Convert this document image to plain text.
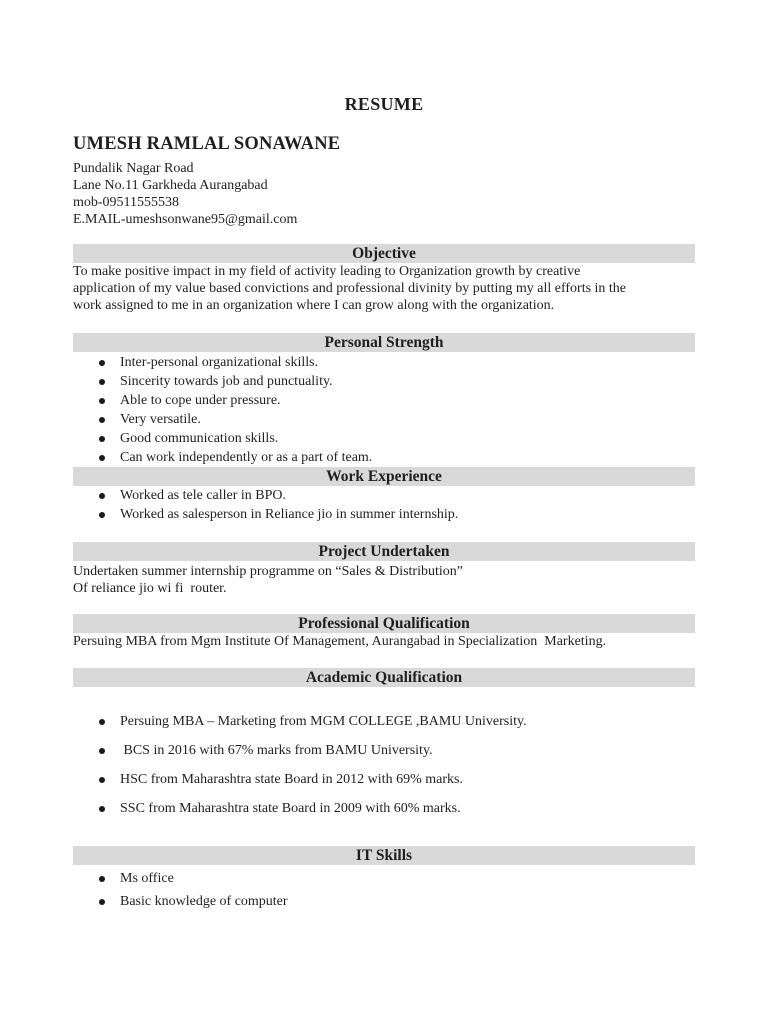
RESUME
UMESH RAMLAL SONAWANE
Pundalik Nagar Road
Lane No.11 Garkheda Aurangabad
mob-09511555538
E.MAIL-umeshsonwane95@gmail.com
Objective
To make positive impact in my field of activity leading to Organization growth by creative
application of my value based convictions and professional divinity by putting my all efforts in the
work assigned to me in an organization where I can grow along with the organization.
Personal Strength
Inter-personal organizational skills.
Sincerity towards job and punctuality.
Able to cope under pressure.
Very versatile.
Good communication skills.
Can work independently or as a part of team.
Work Experience
Worked as tele caller in BPO.
Worked as salesperson in Reliance jio in summer internship.
Project Undertaken
Undertaken summer internship programme on “Sales & Distribution”
Of reliance jio wi fi  router.
Professional Qualification
Persuing MBA from Mgm Institute Of Management, Aurangabad in Specialization  Marketing.
Academic Qualification
Persuing MBA – Marketing from MGM COLLEGE ,BAMU University.
BCS in 2016 with 67% marks from BAMU University.
HSC from Maharashtra state Board in 2012 with 69% marks.
SSC from Maharashtra state Board in 2009 with 60% marks.
IT Skills
Ms office
Basic knowledge of computer
